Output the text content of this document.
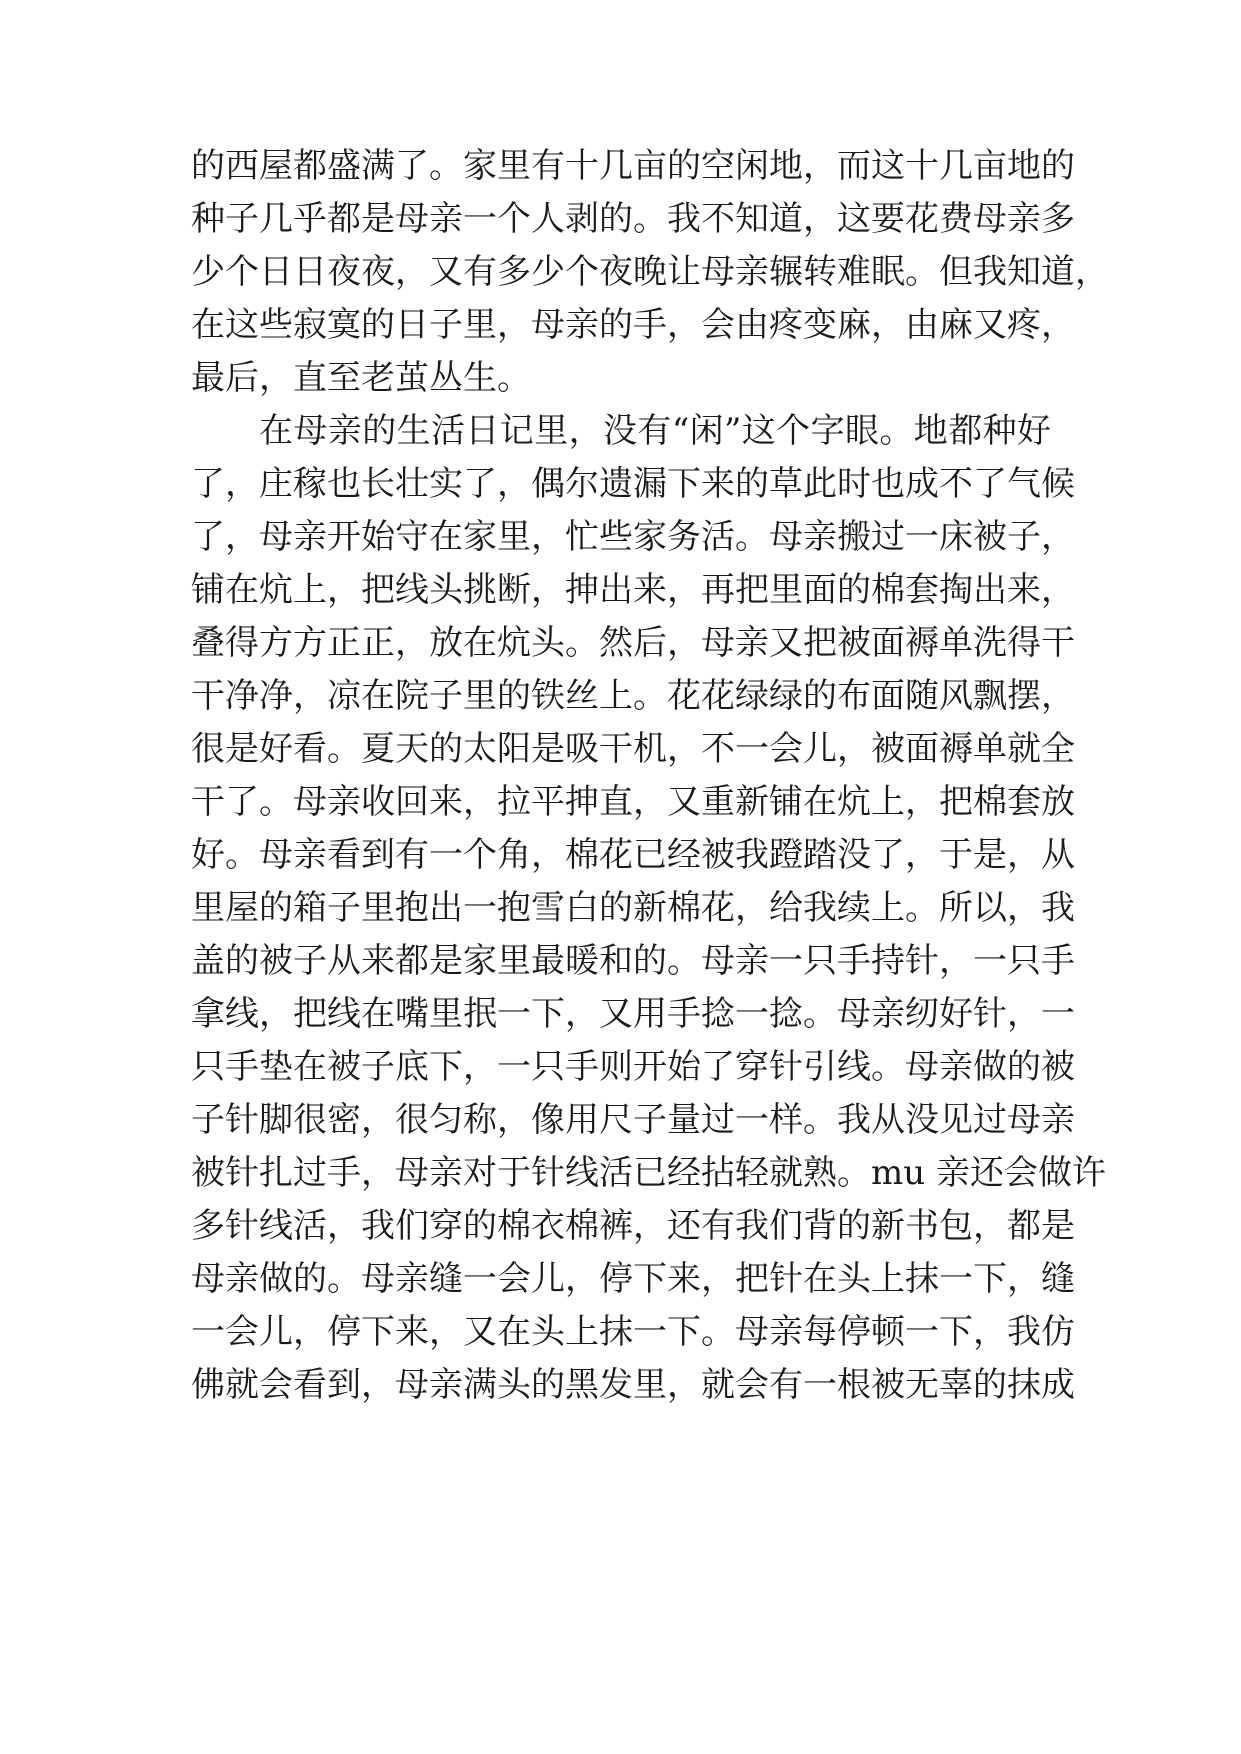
的西屋都盛满了。家里有十几亩的空闲地，而这十几亩地的
种子几乎都是母亲一个人剥的。我不知道，这要花费母亲多
少个日日夜夜，又有多少个夜晚让母亲辗转难眠。但我知道，
在这些寂寞的日子里，母亲的手，会由疼变麻，由麻又疼，
最后，直至老茧丛生。
在母亲的生活日记里，没有“闲”这个字眼。地都种好
了，庄稼也长壮实了，偶尔遗漏下来的草此时也成不了气候
了，母亲开始守在家里，忙些家务活。母亲搬过一床被子，
铺在炕上，把线头挑断，抻出来，再把里面的棉套掏出来，
叠得方方正正，放在炕头。然后，母亲又把被面褥单洗得干
干净净，凉在院子里的铁丝上。花花绿绿的布面随风飘摆，
很是好看。夏天的太阳是吸干机，不一会儿，被面褥单就全
干了。母亲收回来，拉平抻直，又重新铺在炕上，把棉套放
好。母亲看到有一个角，棉花已经被我蹬踏没了，于是，从
里屋的箱子里抱出一抱雪白的新棉花，给我续上。所以，我
盖的被子从来都是家里最暖和的。母亲一只手持针，一只手
拿线，把线在嘴里抿一下，又用手捻一捻。母亲纫好针，一
只手垫在被子底下，一只手则开始了穿针引线。母亲做的被
子针脚很密，很匀称，像用尺子量过一样。我从没见过母亲
被针扎过手，母亲对于针线活已经拈轻就熟。mu 亲还会做许
多针线活，我们穿的棉衣棉裤，还有我们背的新书包，都是
母亲做的。母亲缝一会儿，停下来，把针在头上抹一下，缝
一会儿，停下来，又在头上抹一下。母亲每停顿一下，我仿
佛就会看到，母亲满头的黑发里，就会有一根被无辜的抹成
